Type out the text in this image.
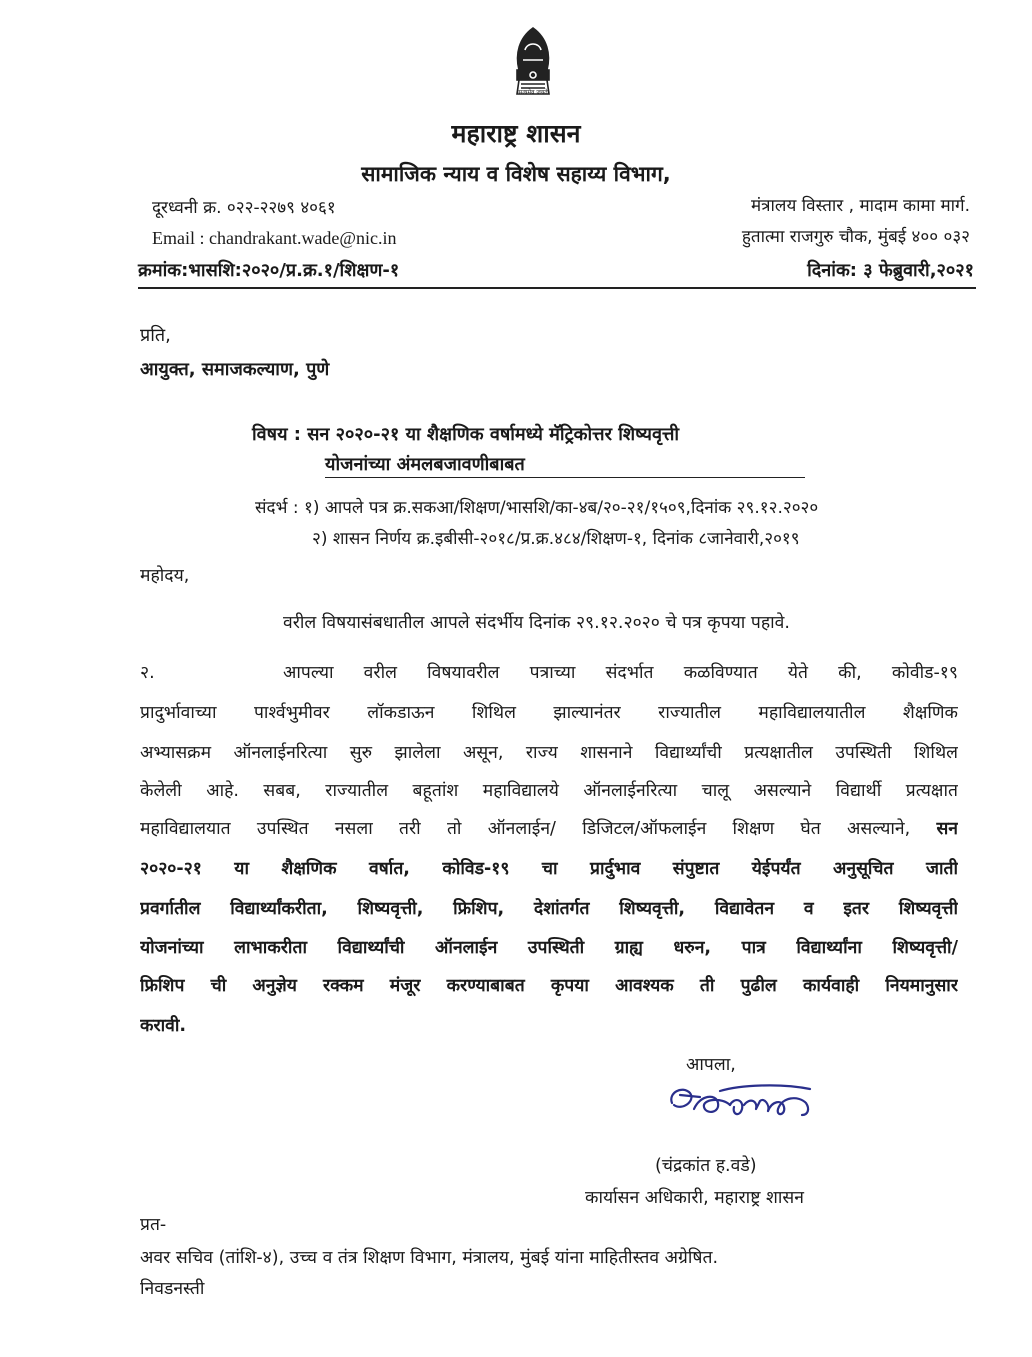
सत्यमेव जयते
महाराष्ट्र शासन
सामाजिक न्याय व विशेष सहाय्य विभाग,
दूरध्वनी क्र. ०२२-२२७९ ४०६१
Email : chandrakant.wade@nic.in
मंत्रालय विस्तार , मादाम कामा मार्ग.
हुतात्मा राजगुरु चौक, मुंबई ४०० ०३२
क्रमांक:भासशि:२०२०/प्र.क्र.१/शिक्षण-१	दिनांक: ३ फेब्रुवारी,२०२१
प्रति,
आयुक्त, समाजकल्याण, पुणे
विषय : सन २०२०-२१ या शैक्षणिक वर्षामध्ये मॅट्रिकोत्तर शिष्यवृत्ती
योजनांच्या अंमलबजावणीबाबत
संदर्भ : १) आपले पत्र क्र.सकआ/शिक्षण/भासशि/का-४ब/२०-२१/१५०९,दिनांक २९.१२.२०२०
२) शासन निर्णय क्र.इबीसी-२०१८/प्र.क्र.४८४/शिक्षण-१, दिनांक ८जानेवारी,२०१९
महोदय,
वरील विषयासंबधातील आपले संदर्भीय दिनांक २९.१२.२०२० चे पत्र कृपया पहावे.
२.	आपल्या वरील विषयावरील पत्राच्या संदर्भात कळविण्यात येते की, कोवीड-१९
प्रादुर्भावाच्या पार्श्वभुमीवर लॉकडाऊन शिथिल झाल्यानंतर राज्यातील महाविद्यालयातील शैक्षणिक
अभ्यासक्रम ऑनलाईनरित्या सुरु झालेला असून, राज्य शासनाने विद्यार्थ्यांची प्रत्यक्षातील उपस्थिती शिथिल
केलेली आहे. सबब, राज्यातील बहूतांश महाविद्यालये ऑनलाईनरित्या चालू असल्याने विद्यार्थी प्रत्यक्षात
महाविद्यालयात उपस्थित नसला तरी तो ऑनलाईन/ डिजिटल/ऑफलाईन शिक्षण घेत असल्याने, सन
२०२०-२१ या शैक्षणिक वर्षात, कोविड-१९ चा प्रार्दुभाव संपुष्टात येईपर्यंत अनुसूचित जाती
प्रवर्गातील विद्यार्थ्यांकरीता, शिष्यवृत्ती, फ्रिशिप, देशांतर्गत शिष्यवृत्ती, विद्यावेतन व इतर शिष्यवृत्ती
योजनांच्या लाभाकरीता विद्यार्थ्यांची ऑनलाईन उपस्थिती ग्राह्य धरुन, पात्र विद्यार्थ्यांना शिष्यवृत्ती/
फ्रिशिप ची अनुज्ञेय रक्कम मंजूर करण्याबाबत कृपया आवश्यक ती पुढील कार्यवाही नियमानुसार
करावी.
आपला,
(चंद्रकांत ह.वडे)
कार्यासन अधिकारी, महाराष्ट्र शासन
प्रत-
अवर सचिव (तांशि-४), उच्च व तंत्र शिक्षण विभाग, मंत्रालय, मुंबई यांना माहितीस्तव अग्रेषित.
निवडनस्ती
